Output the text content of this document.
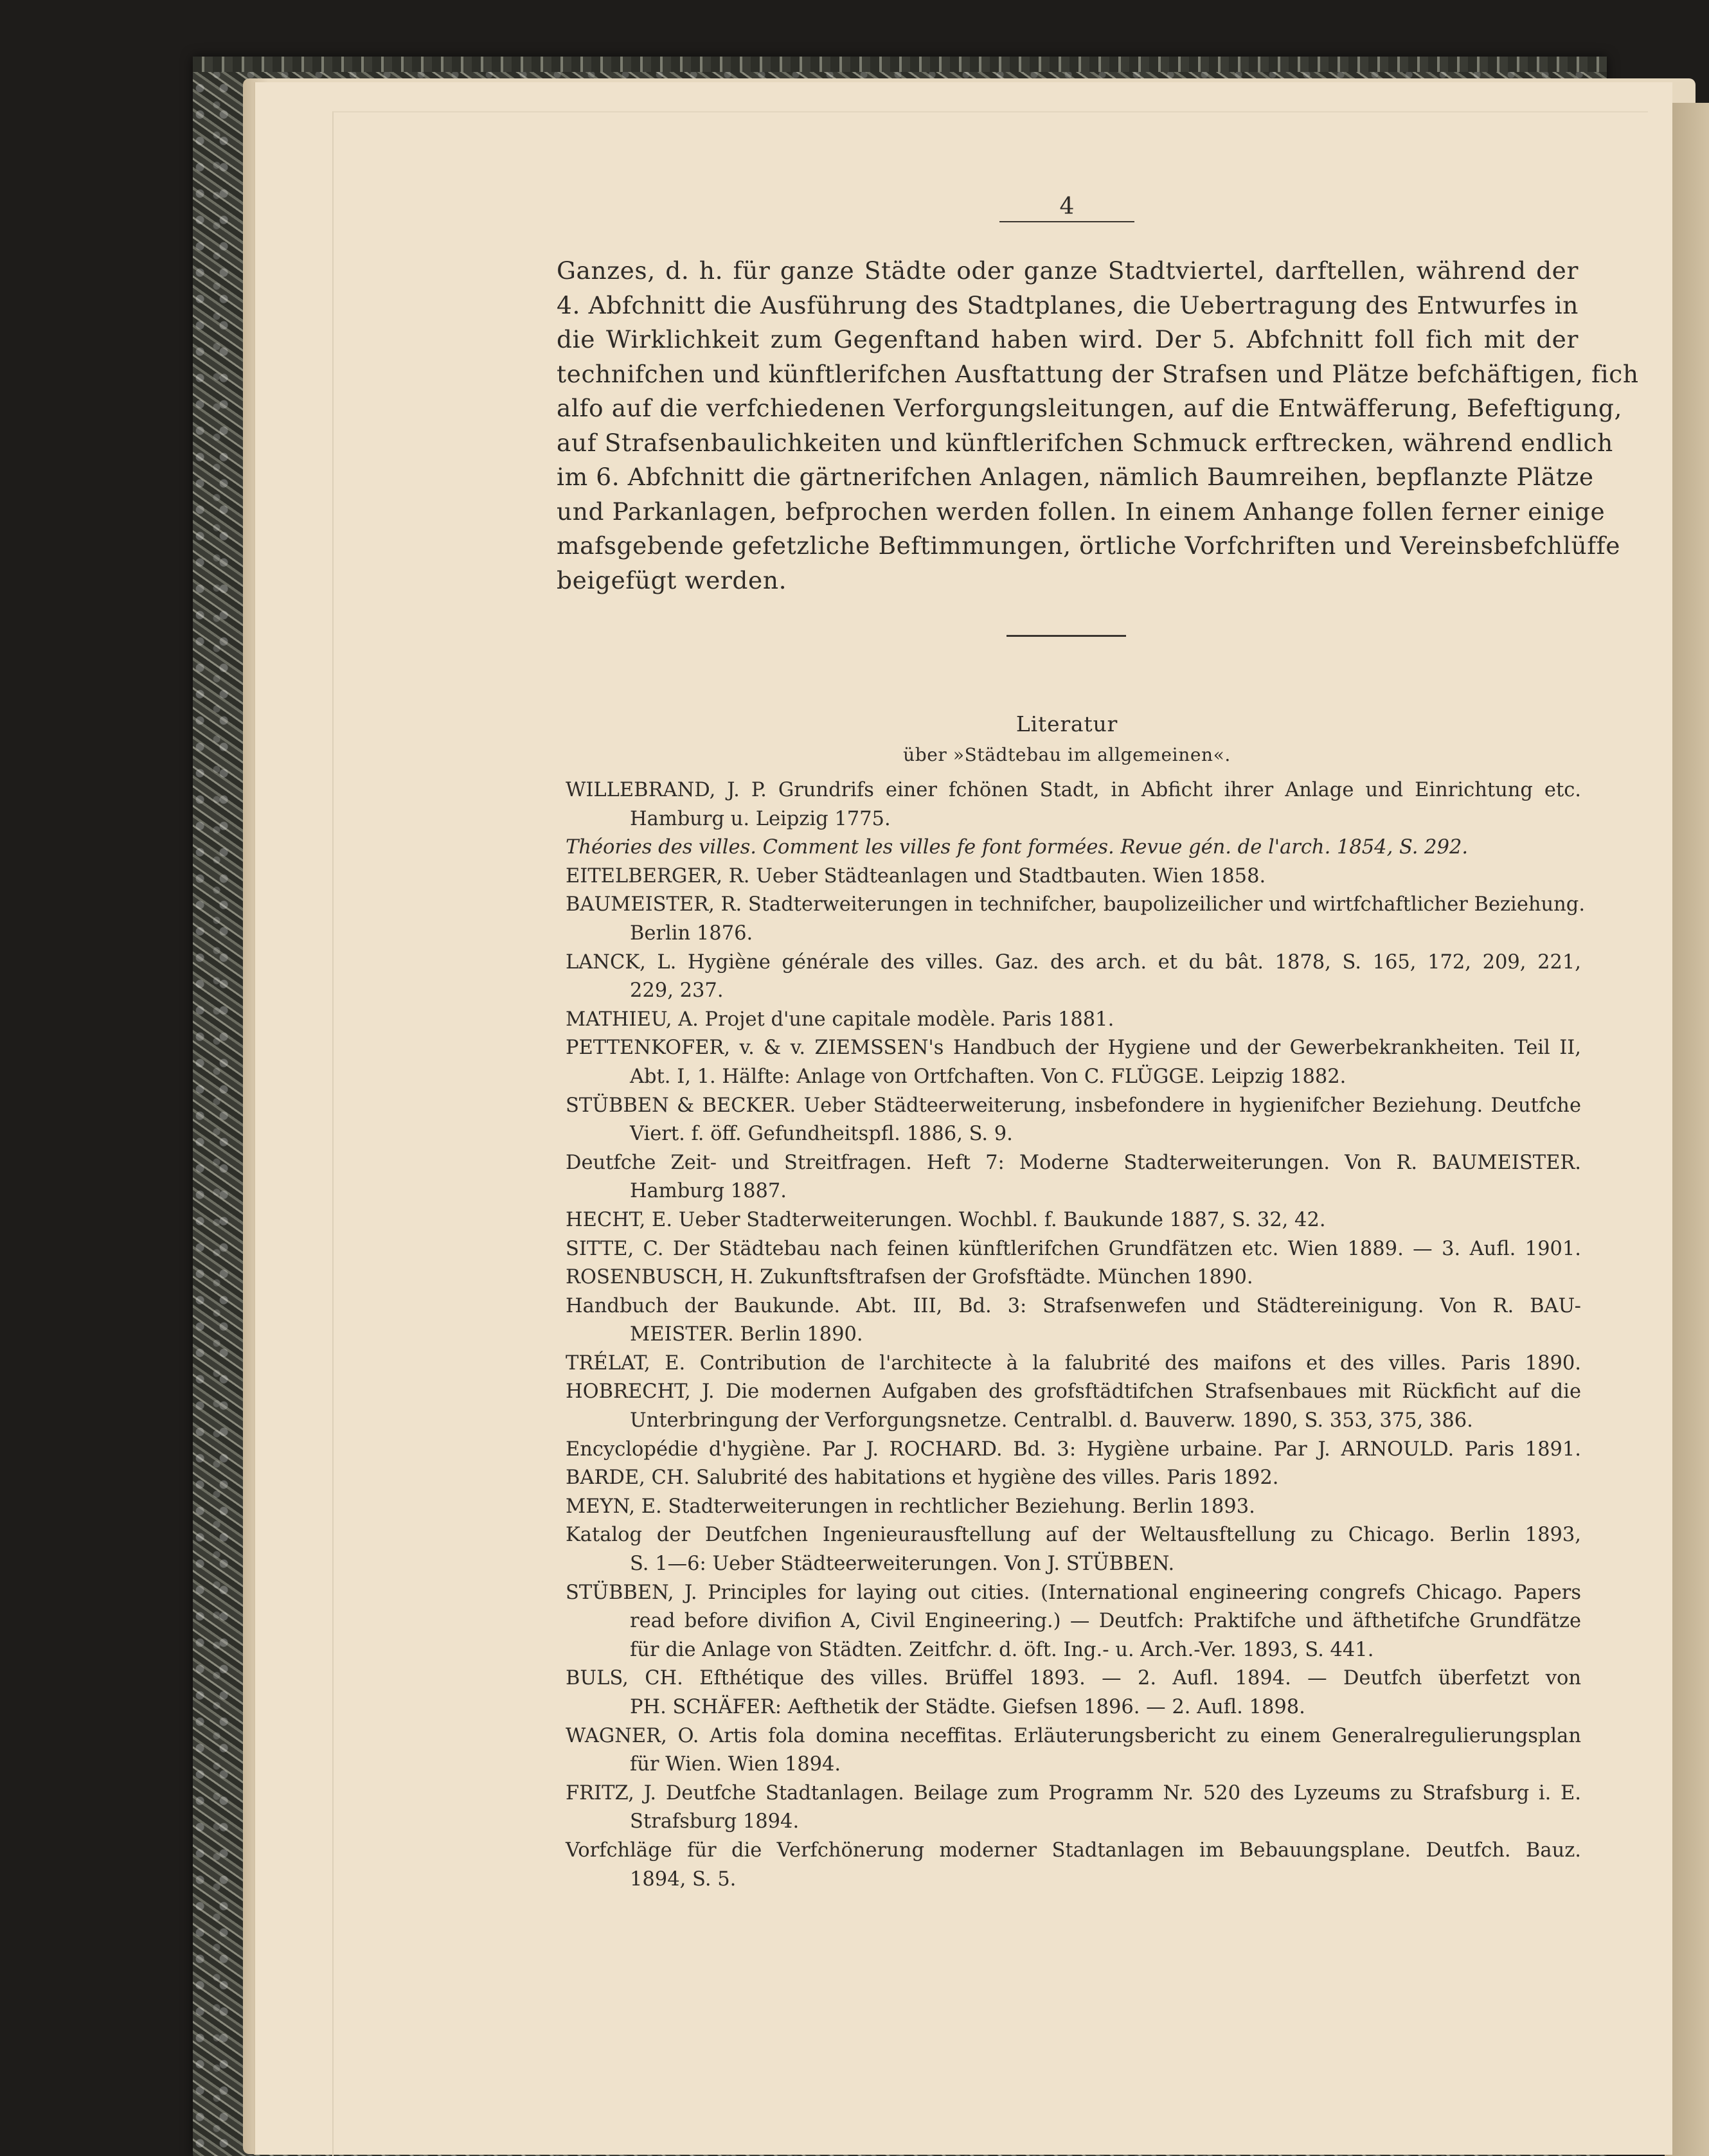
4
Ganzes, d. h. für ganze Städte oder ganze Stadtviertel, darftellen, während der
4. Abfchnitt die Ausführung des Stadtplanes, die Uebertragung des Entwurfes in
die Wirklichkeit zum Gegenftand haben wird. Der 5. Abfchnitt foll fich mit der
technifchen und künftlerifchen Ausftattung der Strafsen und Plätze befchäftigen, fich
alfo auf die verfchiedenen Verforgungsleitungen, auf die Entwäfferung, Befeftigung,
auf Strafsenbaulichkeiten und künftlerifchen Schmuck erftrecken, während endlich
im 6. Abfchnitt die gärtnerifchen Anlagen, nämlich Baumreihen, bepflanzte Plätze
und Parkanlagen, befprochen werden follen. In einem Anhange follen ferner einige
mafsgebende gefetzliche Beftimmungen, örtliche Vorfchriften und Vereinsbefchlüffe
beigefügt werden.
Literatur
über »Städtebau im allgemeinen«.
WILLEBRAND, J. P. Grundrifs einer fchönen Stadt, in Abficht ihrer Anlage und Einrichtung etc.
Hamburg u. Leipzig 1775.
Théories des villes. Comment les villes fe font formées. Revue gén. de l'arch. 1854, S. 292.
EITELBERGER, R. Ueber Städteanlagen und Stadtbauten. Wien 1858.
BAUMEISTER, R. Stadterweiterungen in technifcher, baupolizeilicher und wirtfchaftlicher Beziehung.
Berlin 1876.
LANCK, L. Hygiène générale des villes. Gaz. des arch. et du bât. 1878, S. 165, 172, 209, 221,
229, 237.
MATHIEU, A. Projet d'une capitale modèle. Paris 1881.
PETTENKOFER, v. & v. ZIEMSSEN's Handbuch der Hygiene und der Gewerbekrankheiten. Teil II,
Abt. I, 1. Hälfte: Anlage von Ortfchaften. Von C. FLÜGGE. Leipzig 1882.
STÜBBEN & BECKER. Ueber Städteerweiterung, insbefondere in hygienifcher Beziehung. Deutfche
Viert. f. öff. Gefundheitspfl. 1886, S. 9.
Deutfche Zeit- und Streitfragen. Heft 7: Moderne Stadterweiterungen. Von R. BAUMEISTER.
Hamburg 1887.
HECHT, E. Ueber Stadterweiterungen. Wochbl. f. Baukunde 1887, S. 32, 42.
SITTE, C. Der Städtebau nach feinen künftlerifchen Grundfätzen etc. Wien 1889. — 3. Aufl. 1901.
ROSENBUSCH, H. Zukunftsftrafsen der Grofsftädte. München 1890.
Handbuch der Baukunde. Abt. III, Bd. 3: Strafsenwefen und Städtereinigung. Von R. BAU-
MEISTER. Berlin 1890.
TRÉLAT, E. Contribution de l'architecte à la falubrité des maifons et des villes. Paris 1890.
HOBRECHT, J. Die modernen Aufgaben des grofsftädtifchen Strafsenbaues mit Rückficht auf die
Unterbringung der Verforgungsnetze. Centralbl. d. Bauverw. 1890, S. 353, 375, 386.
Encyclopédie d'hygiène. Par J. ROCHARD. Bd. 3: Hygiène urbaine. Par J. ARNOULD. Paris 1891.
BARDE, CH. Salubrité des habitations et hygiène des villes. Paris 1892.
MEYN, E. Stadterweiterungen in rechtlicher Beziehung. Berlin 1893.
Katalog der Deutfchen Ingenieurausftellung auf der Weltausftellung zu Chicago. Berlin 1893,
S. 1—6: Ueber Städteerweiterungen. Von J. STÜBBEN.
STÜBBEN, J. Principles for laying out cities. (International engineering congrefs Chicago. Papers
read before divifion A, Civil Engineering.) — Deutfch: Praktifche und äfthetifche Grundfätze
für die Anlage von Städten. Zeitfchr. d. öft. Ing.- u. Arch.-Ver. 1893, S. 441.
BULS, CH. Efthétique des villes. Brüffel 1893. — 2. Aufl. 1894. — Deutfch überfetzt von
PH. SCHÄFER: Aefthetik der Städte. Giefsen 1896. — 2. Aufl. 1898.
WAGNER, O. Artis fola domina neceffitas. Erläuterungsbericht zu einem Generalregulierungsplan
für Wien. Wien 1894.
FRITZ, J. Deutfche Stadtanlagen. Beilage zum Programm Nr. 520 des Lyzeums zu Strafsburg i. E.
Strafsburg 1894.
Vorfchläge für die Verfchönerung moderner Stadtanlagen im Bebauungsplane. Deutfch. Bauz.
1894, S. 5.
